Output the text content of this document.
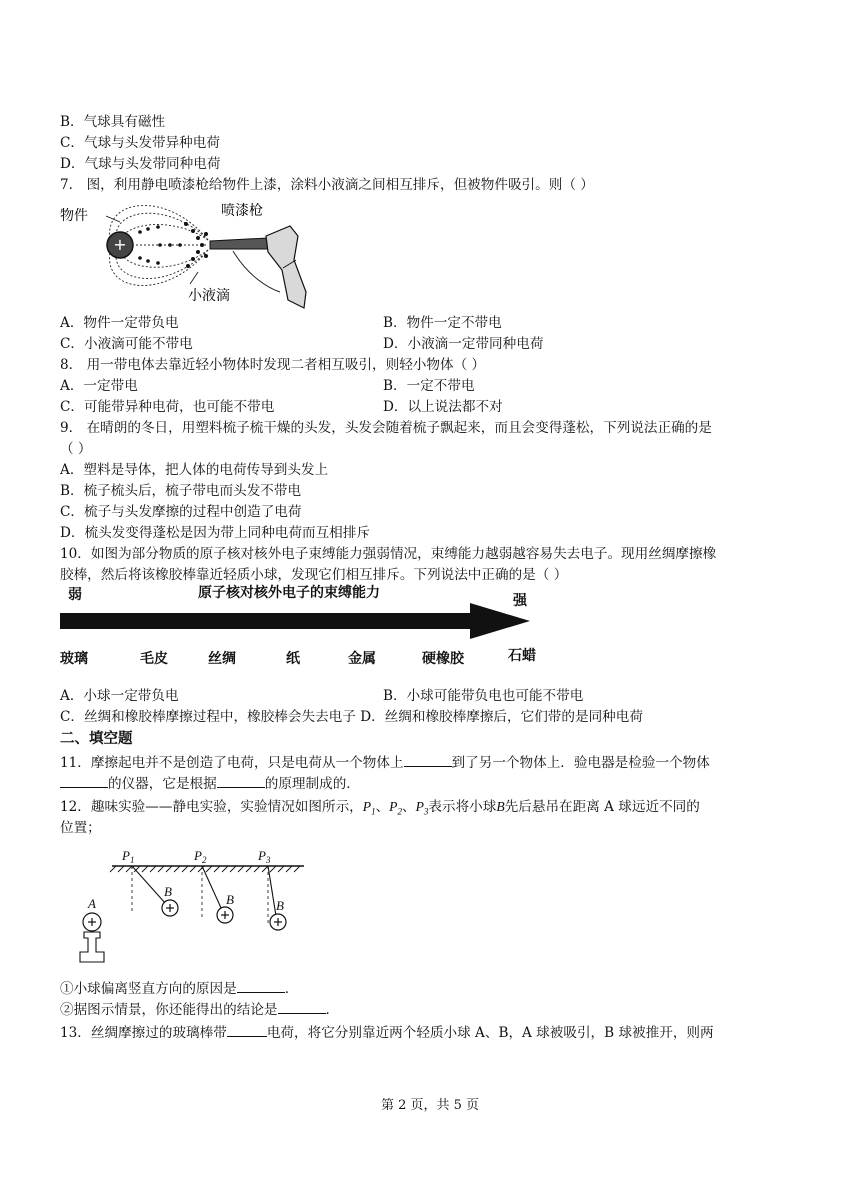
B．气球具有磁性
C．气球与头发带异种电荷
D．气球与头发带同种电荷
7． 图，利用静电喷漆枪给物件上漆，涂料小液滴之间相互排斥，但被物件吸引。则（ ）
+
物件	喷漆枪
小液滴
A．物件一定带负电	B．物件一定不带电
C．小液滴可能不带电	D．小液滴一定带同种电荷
8． 用一带电体去靠近轻小物体时发现二者相互吸引，则轻小物体（ ）
A．一定带电	B．一定不带电
C．可能带异种电荷，也可能不带电	D．以上说法都不对
9． 在晴朗的冬日，用塑料梳子梳干燥的头发，头发会随着梳子飘起来，而且会变得蓬松，下列说法正确的是
（ ）
A．塑料是导体，把人体的电荷传导到头发上
B．梳子梳头后，梳子带电而头发不带电
C．梳子与头发摩擦的过程中创造了电荷
D．梳头发变得蓬松是因为带上同种电荷而互相排斥
10．如图为部分物质的原子核对核外电子束缚能力强弱情况，束缚能力越弱越容易失去电子。现用丝绸摩擦橡
胶棒，然后将该橡胶棒靠近轻质小球，发现它们相互排斥。下列说法中正确的是（ ）
弱	原子核对核外电子的束缚能力	强
玻璃	毛皮	丝绸	纸	金属	硬橡胶	石蜡
A．小球一定带负电	B．小球可能带负电也可能不带电
C．丝绸和橡胶棒摩擦过程中，橡胶棒会失去电子 D．丝绸和橡胶棒摩擦后，它们带的是同种电荷
二、填空题
11．摩擦起电并不是创造了电荷，只是电荷从一个物体上	到了另一个物体上．验电器是检验一个物体
的仪器，它是根据	的原理制成的．
12．趣味实验——静电实验，实验情况如图所示，$P_1$、$P_2$、$P_3$表示将小球B先后悬吊在距离 A 球远近不同的
位置；
$P_1$	$P_2$	$P_3$
B
B	B
A
①小球偏离竖直方向的原因是	．
②据图示情景，你还能得出的结论是	．
13．丝绸摩擦过的玻璃棒带	电荷，将它分别靠近两个轻质小球 A、B，A 球被吸引，B 球被推开，则两
第 2 页，共 5 页
